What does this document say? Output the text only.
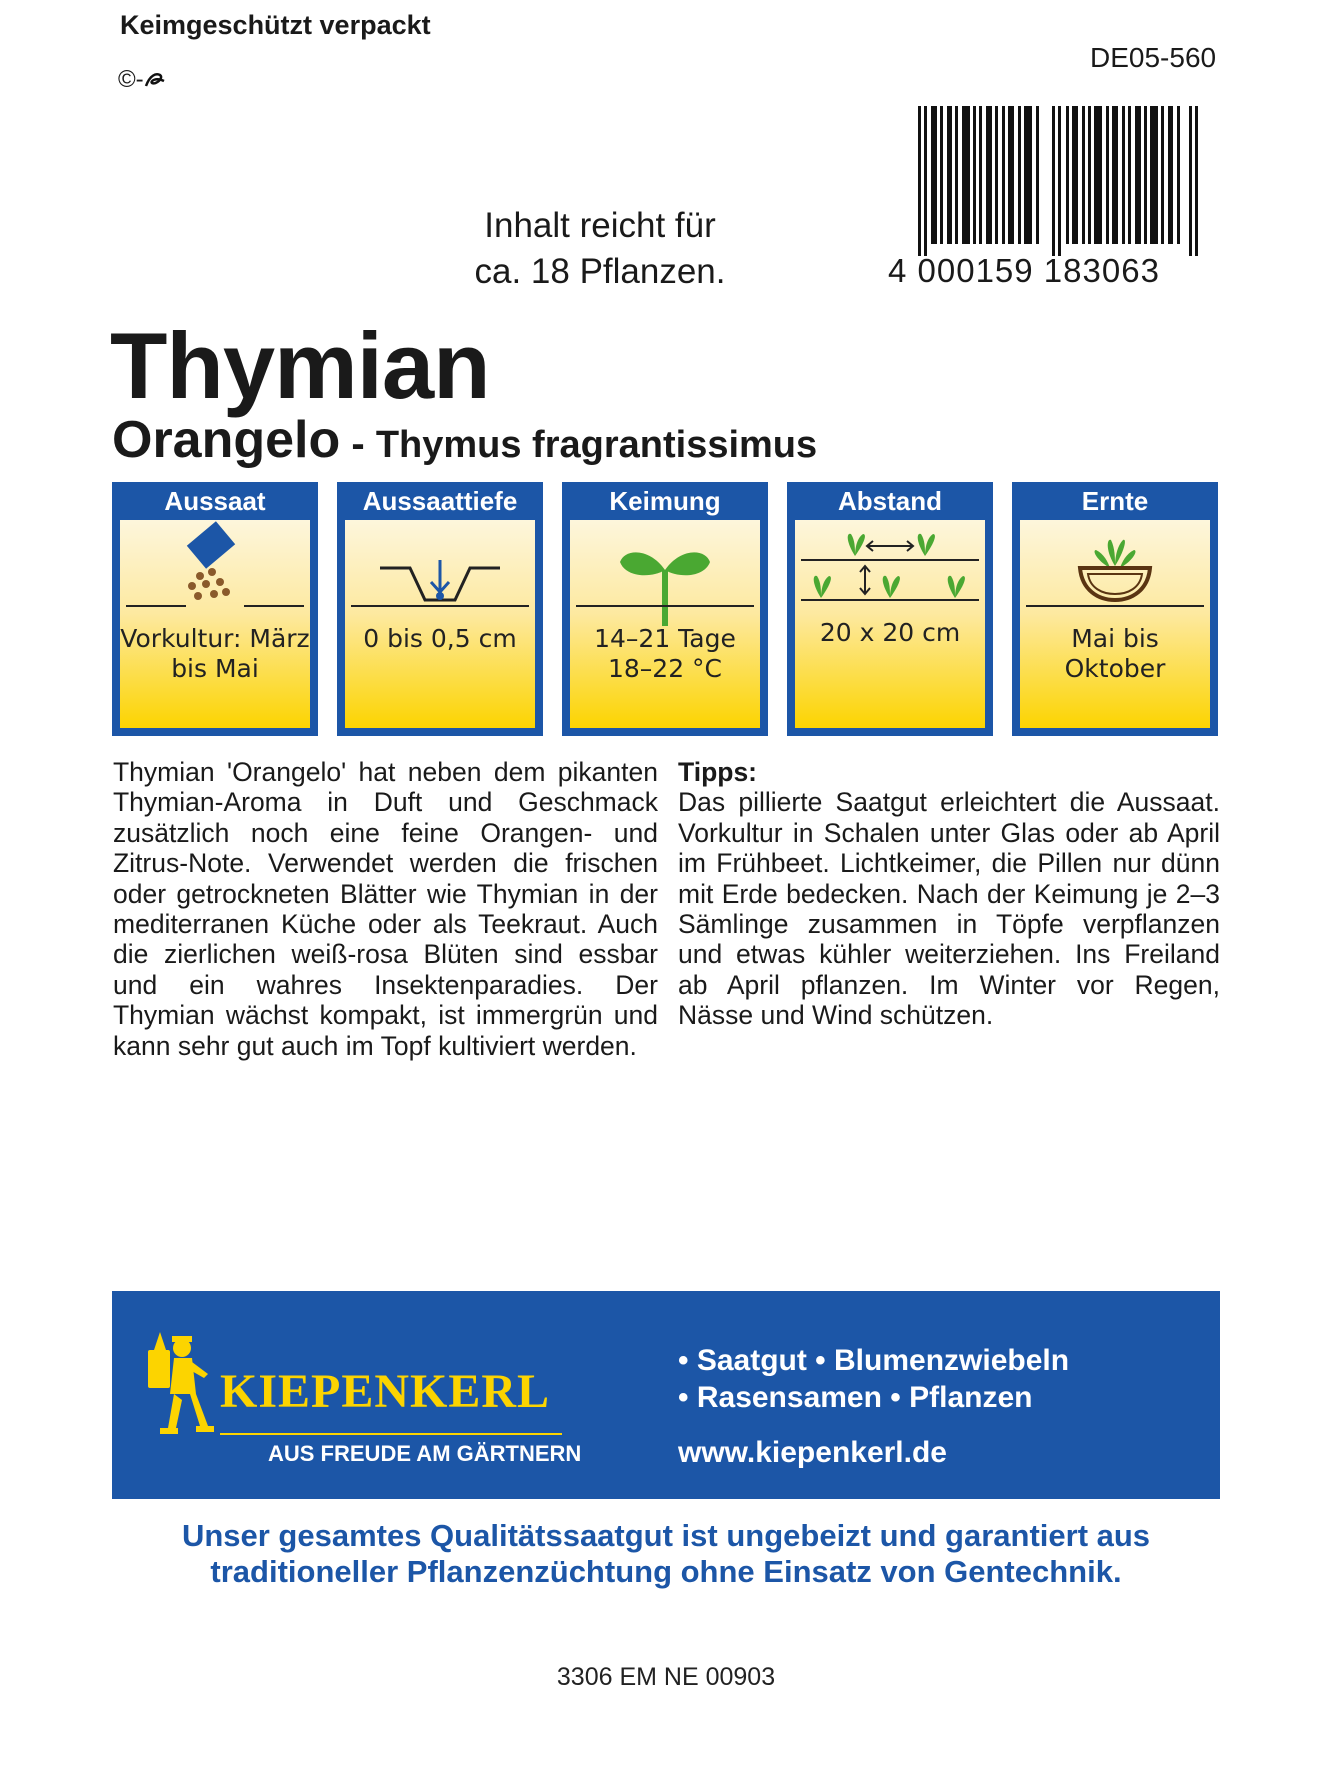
Keimgeschützt verpackt
©-
DE05-560
4 000159 183063
Inhalt reicht für
ca. 18 Pflanzen.
Thymian
Orangelo - Thymus fragrantissimus
Aussaat
Vorkultur: März
bis Mai
Aussaattiefe
0 bis 0,5 cm
Keimung
14–21 Tage
18–22 °C
Abstand
20 x 20 cm
Ernte
Mai bis
Oktober
Thymian 'Orangelo' hat neben dem pikanten Thymian-Aroma in Duft und Geschmack zusätzlich noch eine feine Orangen- und Zitrus-Note. Verwendet werden die frischen oder getrockneten Blätter wie Thymian in der mediterranen Küche oder als Teekraut. Auch die zierlichen weiß-rosa Blüten sind essbar und ein wahres Insektenparadies. Der Thymian wächst kompakt, ist immergrün und kann sehr gut auch im Topf kultiviert werden.
Tipps:
Das pillierte Saatgut erleichtert die Aussaat. Vorkultur in Schalen unter Glas oder ab April im Frühbeet. Lichtkeimer, die Pillen nur dünn mit Erde bedecken. Nach der Keimung je 2–3 Sämlinge zusammen in Töpfe verpflanzen und etwas kühler weiterziehen. Ins Freiland ab April pflanzen. Im Winter vor Regen, Nässe und Wind schützen.
KIEPENKERL
AUS FREUDE AM GÄRTNERN
• Saatgut • Blumenzwiebeln
• Rasensamen • Pflanzen
www.kiepenkerl.de
Unser gesamtes Qualitätssaatgut ist ungebeizt und garantiert aus
traditioneller Pflanzenzüchtung ohne Einsatz von Gentechnik.
3306 EM NE 00903
